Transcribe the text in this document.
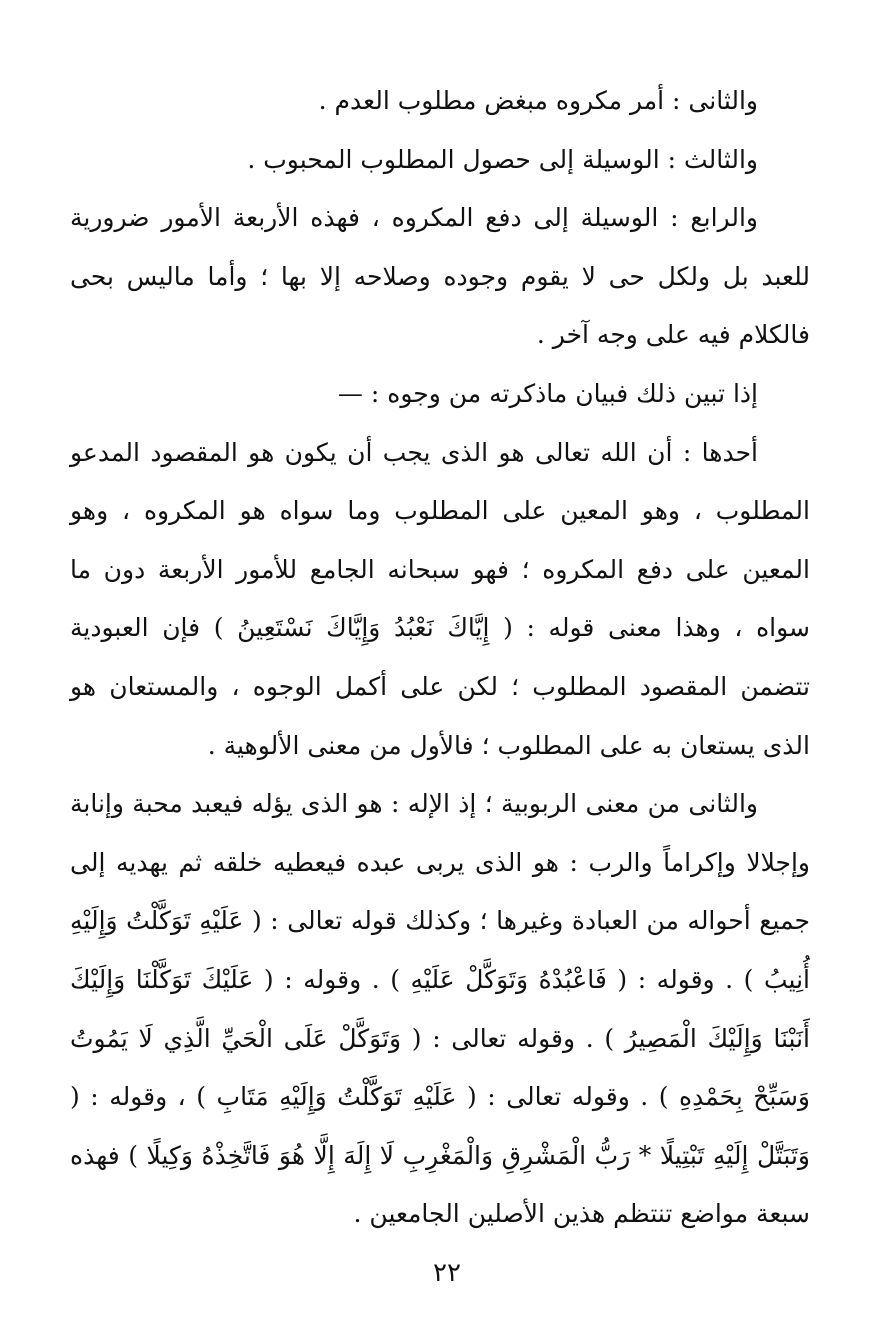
والثانى : أمر مكروه مبغض مطلوب العدم .

والثالث : الوسيلة إلى حصول المطلوب المحبوب .

والرابع : الوسيلة إلى دفع المكروه ، فهذه الأربعة الأمور ضرورية للعبد بل ولكل حى لا يقوم وجوده وصلاحه إلا بها ؛ وأما ماليس بحى فالكلام فيه على وجه آخر .

إذا تبين ذلك فبيان ماذكرته من وجوه : —

أحدها : أن الله تعالى هو الذى يجب أن يكون هو المقصود المدعو المطلوب ، وهو المعين على المطلوب وما سواه هو المكروه ، وهو المعين على دفع المكروه ؛ فهو سبحانه الجامع للأمور الأربعة دون ما سواه ، وهذا معنى قوله : ( إِيَّاكَ نَعْبُدُ وَإِيَّاكَ نَسْتَعِينُ ) فإن العبودية تتضمن المقصود المطلوب ؛ لكن على أكمل الوجوه ، والمستعان هو الذى يستعان به على المطلوب ؛ فالأول من معنى الألوهية .

والثانى من معنى الربوبية ؛ إذ الإله : هو الذى يؤله فيعبد محبة وإنابة وإجلالا وإكراماً والرب : هو الذى يربى عبده فيعطيه خلقه ثم يهديه إلى جميع أحواله من العبادة وغيرها ؛ وكذلك قوله تعالى : ( عَلَيْهِ تَوَكَّلْتُ وَإِلَيْهِ أُنِيبُ ) . وقوله : ( فَاعْبُدْهُ وَتَوَكَّلْ عَلَيْهِ ) . وقوله : ( عَلَيْكَ تَوَكَّلْنَا وَإِلَيْكَ أَنَبْنَا وَإِلَيْكَ الْمَصِيرُ ) . وقوله تعالى : ( وَتَوَكَّلْ عَلَى الْحَيِّ الَّذِي لَا يَمُوتُ وَسَبِّحْ بِحَمْدِهِ ) . وقوله تعالى : ( عَلَيْهِ تَوَكَّلْتُ وَإِلَيْهِ مَتَابِ ) ، وقوله : ( وَتَبَتَّلْ إِلَيْهِ تَبْتِيلًا * رَبُّ الْمَشْرِقِ وَالْمَغْرِبِ لَا إِلَهَ إِلَّا هُوَ فَاتَّخِذْهُ وَكِيلًا ) فهذه سبعة مواضع تنتظم هذين الأصلين الجامعين .

٢٢
